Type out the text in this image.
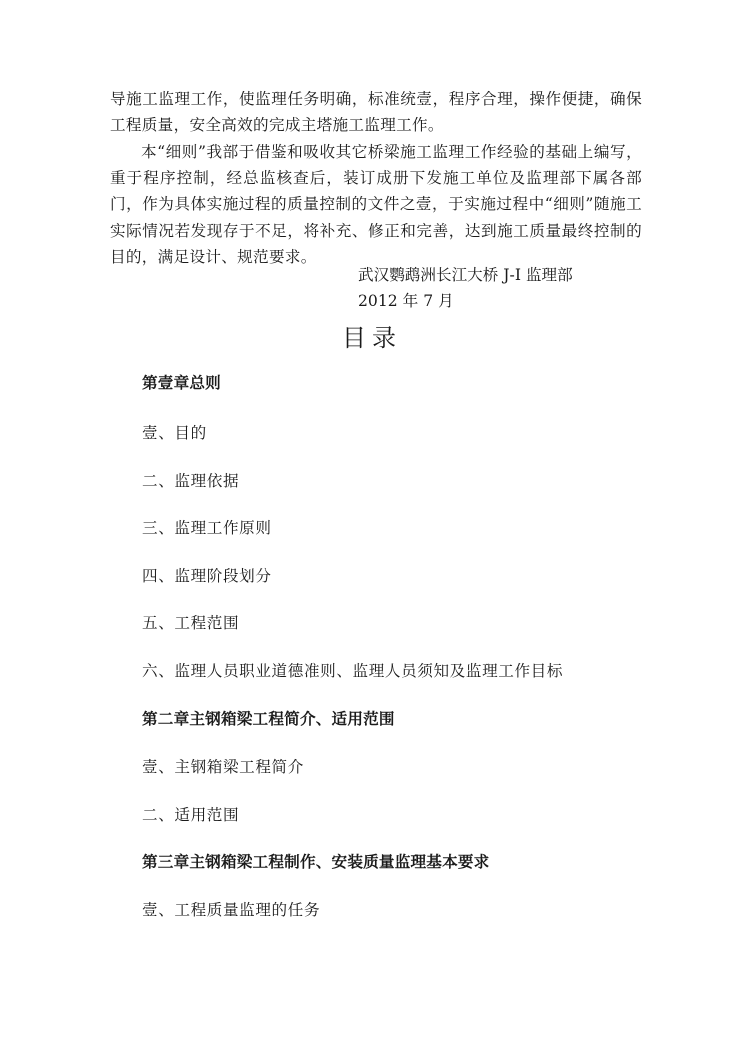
导施工监理工作，使监理任务明确，标准统壹，程序合理，操作便捷，确保工程质量，安全高效的完成主塔施工监理工作。

本“细则”我部于借鉴和吸收其它桥梁施工监理工作经验的基础上编写，重于程序控制，经总监核查后，装订成册下发施工单位及监理部下属各部门，作为具体实施过程的质量控制的文件之壹，于实施过程中“细则”随施工实际情况若发现存于不足，将补充、修正和完善，达到施工质量最终控制的目的，满足设计、规范要求。

武汉鹦鹉洲长江大桥 J-I 监理部
2012 年 7 月
目录
第壹章总则
壹、目的
二、监理依据
三、监理工作原则
四、监理阶段划分
五、工程范围
六、监理人员职业道德准则、监理人员须知及监理工作目标
第二章主钢箱梁工程简介、适用范围
壹、主钢箱梁工程简介
二、适用范围
第三章主钢箱梁工程制作、安装质量监理基本要求
壹、工程质量监理的任务
